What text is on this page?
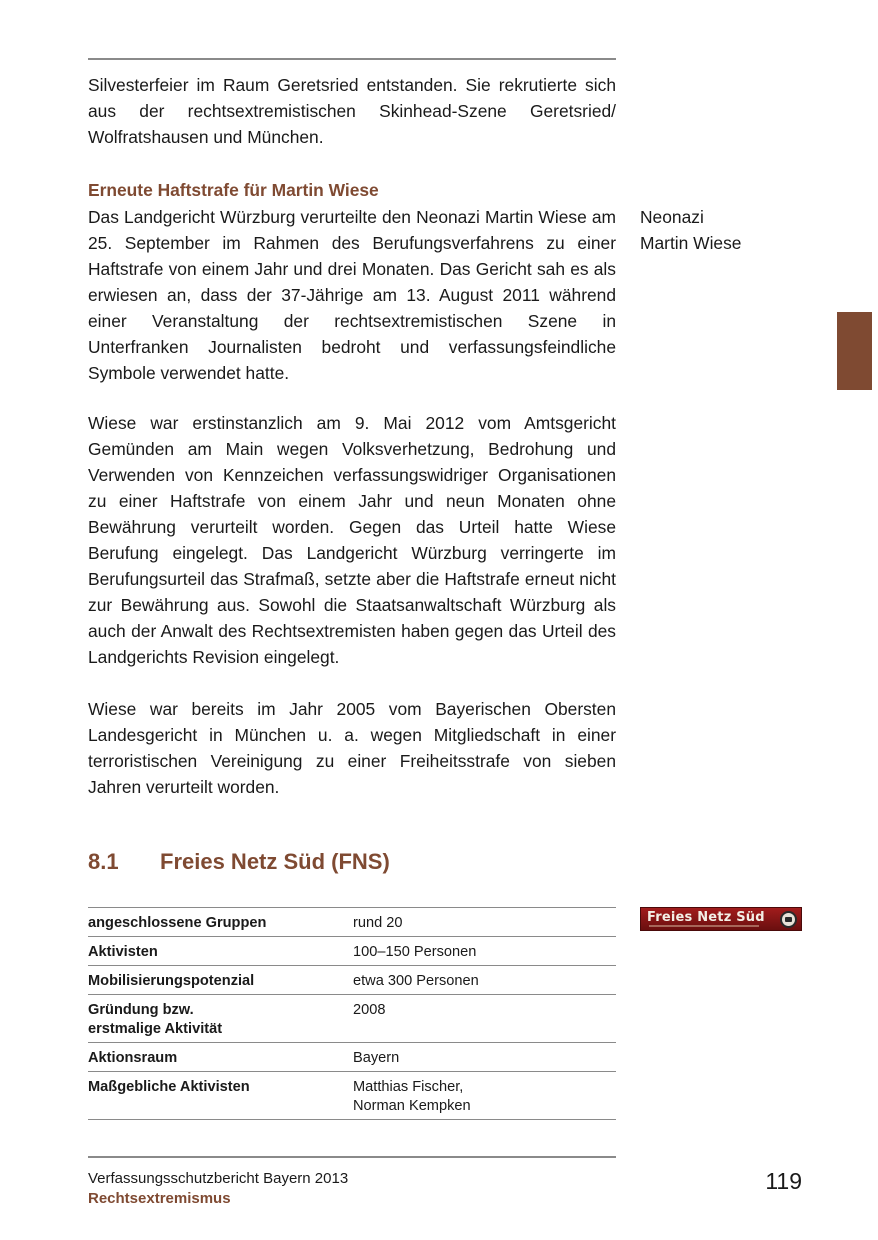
Silvesterfeier im Raum Geretsried entstanden. Sie rekrutierte sich aus der rechtsextremistischen Skinhead-Szene Geretsried/ Wolfratshausen und München.

Erneute Haftstrafe für Martin Wiese

Das Landgericht Würzburg verurteilte den Neonazi Martin Wiese am 25. September im Rahmen des Berufungsverfahrens zu einer Haftstrafe von einem Jahr und drei Monaten. Das Gericht sah es als erwiesen an, dass der 37-Jährige am 13. August 2011 während einer Veranstaltung der rechtsextremistischen Szene in Unterfranken Journalisten bedroht und verfassungsfeindliche Symbole verwendet hatte.

Neonazi
Martin Wiese

Wiese war erstinstanzlich am 9. Mai 2012 vom Amtsgericht Gemünden am Main wegen Volksverhetzung, Bedrohung und Verwenden von Kennzeichen verfassungswidriger Organisationen zu einer Haftstrafe von einem Jahr und neun Monaten ohne Bewährung verurteilt worden. Gegen das Urteil hatte Wiese Berufung eingelegt. Das Landgericht Würzburg verringerte im Berufungsurteil das Strafmaß, setzte aber die Haftstrafe erneut nicht zur Bewährung aus. Sowohl die Staatsanwaltschaft Würzburg als auch der Anwalt des Rechtsextremisten haben gegen das Urteil des Landgerichts Revision eingelegt.

Wiese war bereits im Jahr 2005 vom Bayerischen Obersten Landesgericht in München u. a. wegen Mitgliedschaft in einer terroristischen Vereinigung zu einer Freiheitsstrafe von sieben Jahren verurteilt worden.

8.1 Freies Netz Süd (FNS)
angeschlossene Gruppen	rund 20

Aktivisten	100–150 Personen

Mobilisierungspotenzial	etwa 300 Personen

Gründung bzw.
erstmalige Aktivität	2008

Aktionsraum	Bayern

Maßgebliche Aktivisten	Matthias Fischer,
Norman Kempken
Freies Netz Süd
Verfassungsschutzbericht Bayern 2013
Rechtsextremismus
119
